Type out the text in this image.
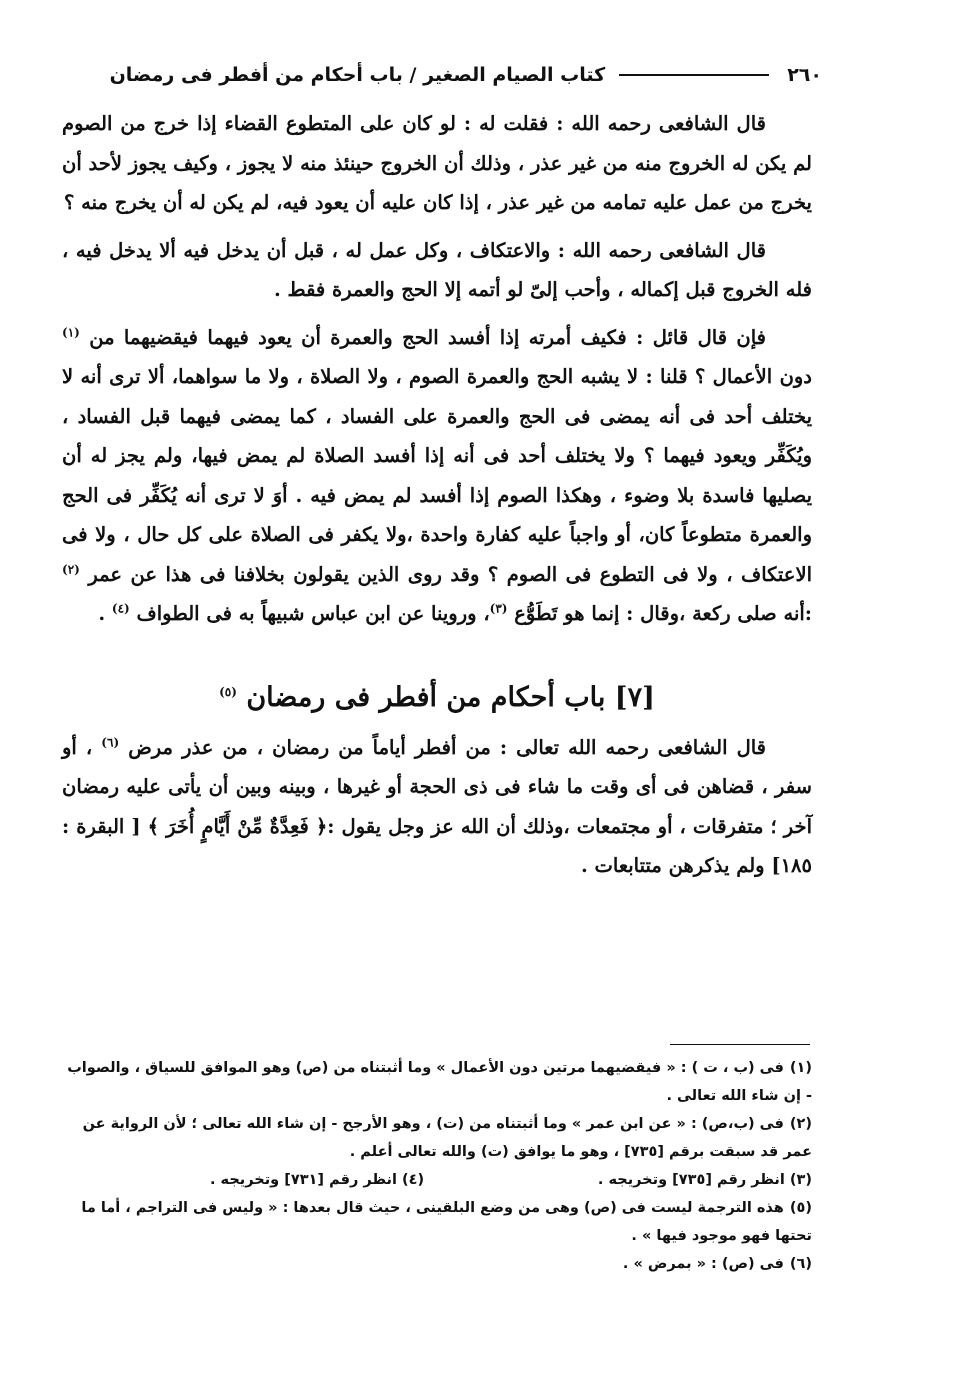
٢٦٠
كتاب الصيام الصغير / باب أحكام من أفطر فى رمضان

قال الشافعى رحمه الله : فقلت له : لو كان على المتطوع القضاء إذا خرج من الصوم لم يكن له الخروج منه من غير عذر ، وذلك أن الخروج حينئذ منه لا يجوز ، وكيف يجوز لأحد أن يخرج من عمل عليه تمامه من غير عذر ، إذا كان عليه أن يعود فيه، لم يكن له أن يخرج منه ؟

قال الشافعى رحمه الله : والاعتكاف ، وكل عمل له ، قبل أن يدخل فيه ألا يدخل فيه ، فله الخروج قبل إكماله ، وأحب إلىّ لو أتمه إلا الحج والعمرة فقط .

فإن قال قائل : فكيف أمرته إذا أفسد الحج والعمرة أن يعود فيهما فيقضيهما من $^{(١)}$ دون الأعمال ؟ قلنا : لا يشبه الحج والعمرة الصوم ، ولا الصلاة ، ولا ما سواهما، ألا ترى أنه لا يختلف أحد فى أنه يمضى فى الحج والعمرة على الفساد ، كما يمضى فيهما قبل الفساد ، ويُكَفِّر ويعود فيهما ؟ ولا يختلف أحد فى أنه إذا أفسد الصلاة لم يمض فيها، ولم يجز له أن يصليها فاسدة بلا وضوء ، وهكذا الصوم إذا أفسد لم يمض فيه . أوَ لا ترى أنه يُكَفِّر فى الحج والعمرة متطوعاً كان، أو واجباً عليه كفارة واحدة ،ولا يكفر فى الصلاة على كل حال ، ولا فى الاعتكاف ، ولا فى التطوع فى الصوم ؟ وقد روى الذين يقولون بخلافنا فى هذا عن عمر $^{(٢)}$ :أنه صلى ركعة ،وقال : إنما هو تَطَوُّع $^{(٣)}$، وروينا عن ابن عباس شبيهاً به فى الطواف $^{(٤)}$ .

[٧] باب أحكام من أفطر فى رمضان $^{(٥)}$

قال الشافعى رحمه الله تعالى : من أفطر أياماً من رمضان ، من عذر مرض $^{(٦)}$ ، أو سفر ، قضاهن فى أى وقت ما شاء فى ذى الحجة أو غيرها ، وبينه وبين أن يأتى عليه رمضان آخر ؛ متفرقات ، أو مجتمعات ،وذلك أن الله عز وجل يقول :﴿ فَعِدَّةٌ مِّنْ أَيَّامٍ أُخَرَ ﴾ [ البقرة : ١٨٥] ولم يذكرهن متتابعات .

(١)فى (ب ، ت ) : « فيقضيهما مرتين دون الأعمال » وما أثبتناه من (ص) وهو الموافق للسياق ، والصواب - إن شاء الله تعالى .

(٢)فى (ب،ص) : « عن ابن عمر » وما أثبتناه من (ت) ، وهو الأرجح - إن شاء الله تعالى ؛ لأن الرواية عن عمر قد سبقت برقم [٧٣٥] ، وهو ما يوافق (ت) والله تعالى أعلم .

(٣) انظر رقم [٧٣٥] وتخريجه .
(٤) انظر رقم [٧٣١] وتخريجه .

(٥)هذه الترجمة ليست فى (ص) وهى من وضع البلقينى ، حيث قال بعدها : « وليس فى التراجم ، أما ما تحتها فهو موجود فيها » .

(٦)فى (ص) : « بمرض » .
